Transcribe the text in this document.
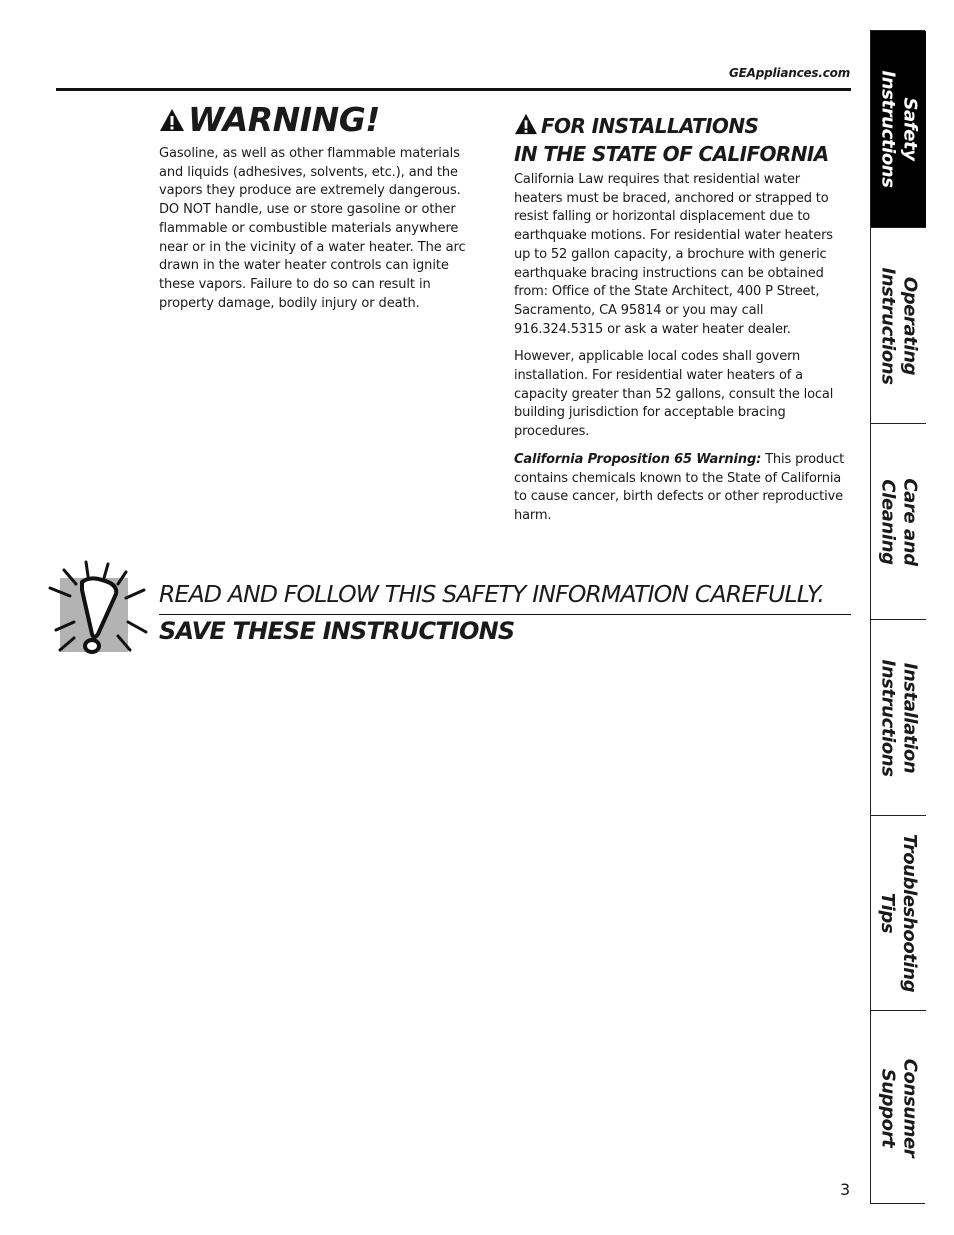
GEAppliances.com
WARNING!
Gasoline, as well as other flammable materials and liquids (adhesives, solvents, etc.), and the vapors they produce are extremely dangerous. DO NOT handle, use or store gasoline or other flammable or combustible materials anywhere near or in the vicinity of a water heater. The arc drawn in the water heater controls can ignite these vapors. Failure to do so can result in property damage, bodily injury or death.
FOR INSTALLATIONS
IN THE STATE OF CALIFORNIA

California Law requires that residential water heaters must be braced, anchored or strapped to resist falling or horizontal displacement due to earthquake motions. For residential water heaters up to 52 gallon capacity, a brochure with generic earthquake bracing instructions can be obtained from: Office of the State Architect, 400 P Street, Sacramento, CA 95814 or you may call 916.324.5315 or ask a water heater dealer.

However, applicable local codes shall govern installation. For residential water heaters of a capacity greater than 52 gallons, consult the local building jurisdiction for acceptable bracing procedures.

California Proposition 65 Warning: This product contains chemicals known to the State of California to cause cancer, birth defects or other reproductive harm.

READ AND FOLLOW THIS SAFETY INFORMATION CAREFULLY.
SAVE THESE INSTRUCTIONS
3
Safety
Instructions
Operating
Instructions
Care and
Cleaning
Installation
Instructions
Troubleshooting
Tips
Consumer
Support
